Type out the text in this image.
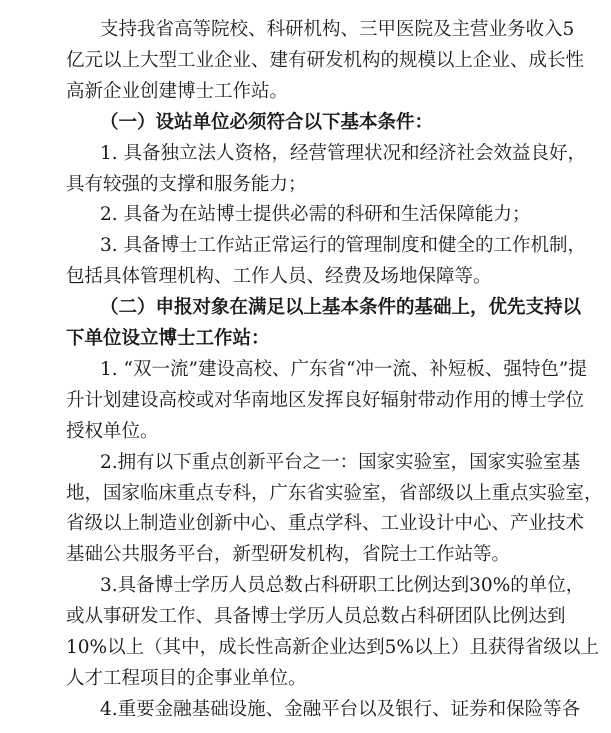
支持我省高等院校、科研机构、三甲医院及主营业务收入5
亿元以上大型工业企业、建有研发机构的规模以上企业、成长性
高新企业创建博士工作站。
（一）设站单位必须符合以下基本条件：
1. 具备独立法人资格，经营管理状况和经济社会效益良好，
具有较强的支撑和服务能力；
2. 具备为在站博士提供必需的科研和生活保障能力；
3. 具备博士工作站正常运行的管理制度和健全的工作机制，
包括具体管理机构、工作人员、经费及场地保障等。
（二）申报对象在满足以上基本条件的基础上，优先支持以
下单位设立博士工作站：
1. “双一流”建设高校、广东省“冲一流、补短板、强特色”提
升计划建设高校或对华南地区发挥良好辐射带动作用的博士学位
授权单位。
2.拥有以下重点创新平台之一：国家实验室，国家实验室基
地，国家临床重点专科，广东省实验室，省部级以上重点实验室，
省级以上制造业创新中心、重点学科、工业设计中心、产业技术
基础公共服务平台，新型研发机构，省院士工作站等。
3.具备博士学历人员总数占科研职工比例达到30%的单位，
或从事研发工作、具备博士学历人员总数占科研团队比例达到
10%以上（其中，成长性高新企业达到5%以上）且获得省级以上
人才工程项目的企事业单位。
4.重要金融基础设施、金融平台以及银行、证券和保险等各
